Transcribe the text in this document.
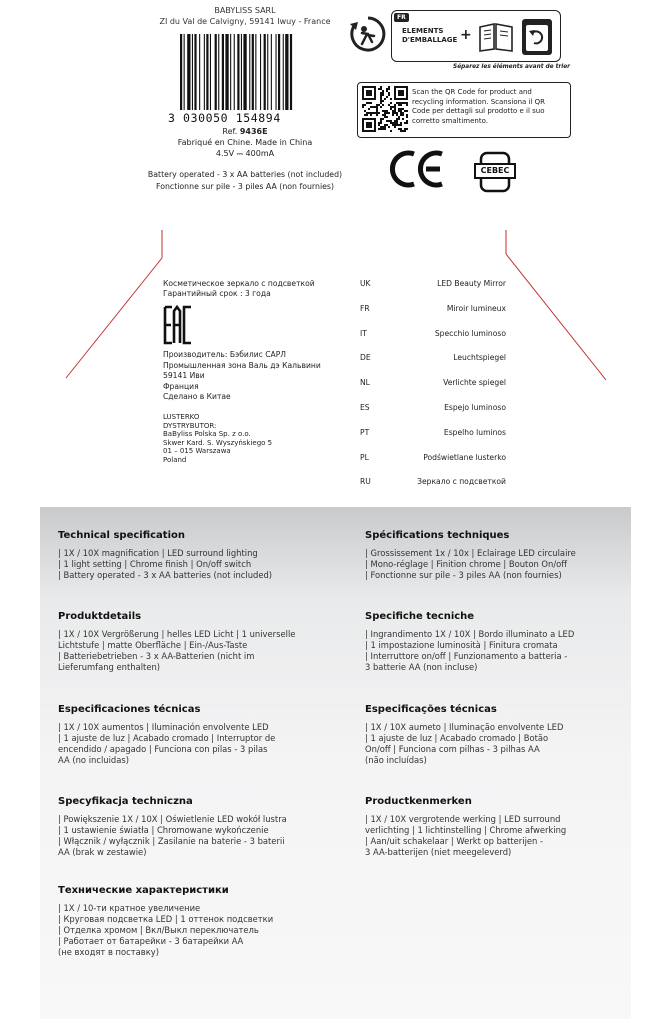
BABYLISS SARL
ZI du Val de Calvigny, 59141 Iwuy - France
3 030050 154894
Ref. 9436E
Fabriqué en Chine. Made in China
4.5V ⎓ 400mA
Battery operated - 3 x AA batteries (not included)
Fonctionne sur pile - 3 piles AA (non fournies)
FR
ELEMENTS
D'EMBALLAGE +
Séparez les éléments avant de trier
Scan the QR Code for product and recycling information. Scansiona il QR Code per dettagli sul prodotto e il suo corretto smaltimento.
CEBEC
Косметическое зеркало с подсветкой
Гарантийный срок : 3 года
Производитель: Бэбилис САРЛ
Промышленная зона Валь дэ Кальвини
59141 Иви
Франция
Сделано в Китае
LUSTERKO
DYSTRYBUTOR:
BaByliss Polska Sp. z o.o.
Skwer Kard. S. Wyszyńskiego 5
01 – 015 Warszawa
Poland
UK	LED Beauty Mirror
FR	Miroir lumineux
IT	Specchio luminoso
DE	Leuchtspiegel
NL	Verlichte spiegel
ES	Espejo luminoso
PT	Espelho luminos
PL	Podświetlane lusterko
RU	Зеркало с подсветкой
Technical specification
| 1X / 10X magnification | LED surround lighting
| 1 light setting | Chrome finish | On/off switch
| Battery operated - 3 x AA batteries (not included)
Spécifications techniques
| Grossissement 1x / 10x | Eclairage LED circulaire
| Mono-réglage | Finition chrome | Bouton On/off
| Fonctionne sur pile - 3 piles AA (non fournies)
Produktdetails
| 1X / 10X Vergrößerung | helles LED Licht | 1 universelle
Lichtstufe | matte Oberfläche | Ein-/Aus-Taste
| Batteriebetrieben - 3 x AA-Batterien (nicht im
Lieferumfang enthalten)
Specifiche tecniche
| Ingrandimento 1X / 10X | Bordo illuminato a LED
| 1 impostazione luminosità | Finitura cromata
| Interruttore on/off | Funzionamento a batteria -
3 batterie AA (non incluse)
Especificaciones técnicas
| 1X / 10X aumentos | Iluminación envolvente LED
| 1 ajuste de luz | Acabado cromado | Interruptor de
encendido / apagado | Funciona con pilas - 3 pilas
AA (no incluidas)
Especificações técnicas
| 1X / 10X aumeto | Iluminação envolvente LED
| 1 ajuste de luz | Acabado cromado | Botão
On/off | Funciona com pilhas - 3 pilhas AA
(não incluídas)
Specyfikacja techniczna
| Powiększenie 1X / 10X | Oświetlenie LED wokół lustra
| 1 ustawienie światła | Chromowane wykończenie
| Włącznik / wyłącznik | Zasilanie na baterie - 3 baterii
AA (brak w zestawie)
Productkenmerken
| 1X / 10X vergrotende werking | LED surround
verlichting | 1 lichtinstelling | Chrome afwerking
| Aan/uit schakelaar | Werkt op batterijen -
3 AA-batterijen (niet meegeleverd)
Технические характеристики
| 1X / 10-ти кратное увеличение
| Круговая подсветка LED | 1 оттенок подсветки
| Отделка хромом | Вкл/Выкл переключатель
| Работает от батарейки - 3 батарейки АА
(не входят в поставку)
